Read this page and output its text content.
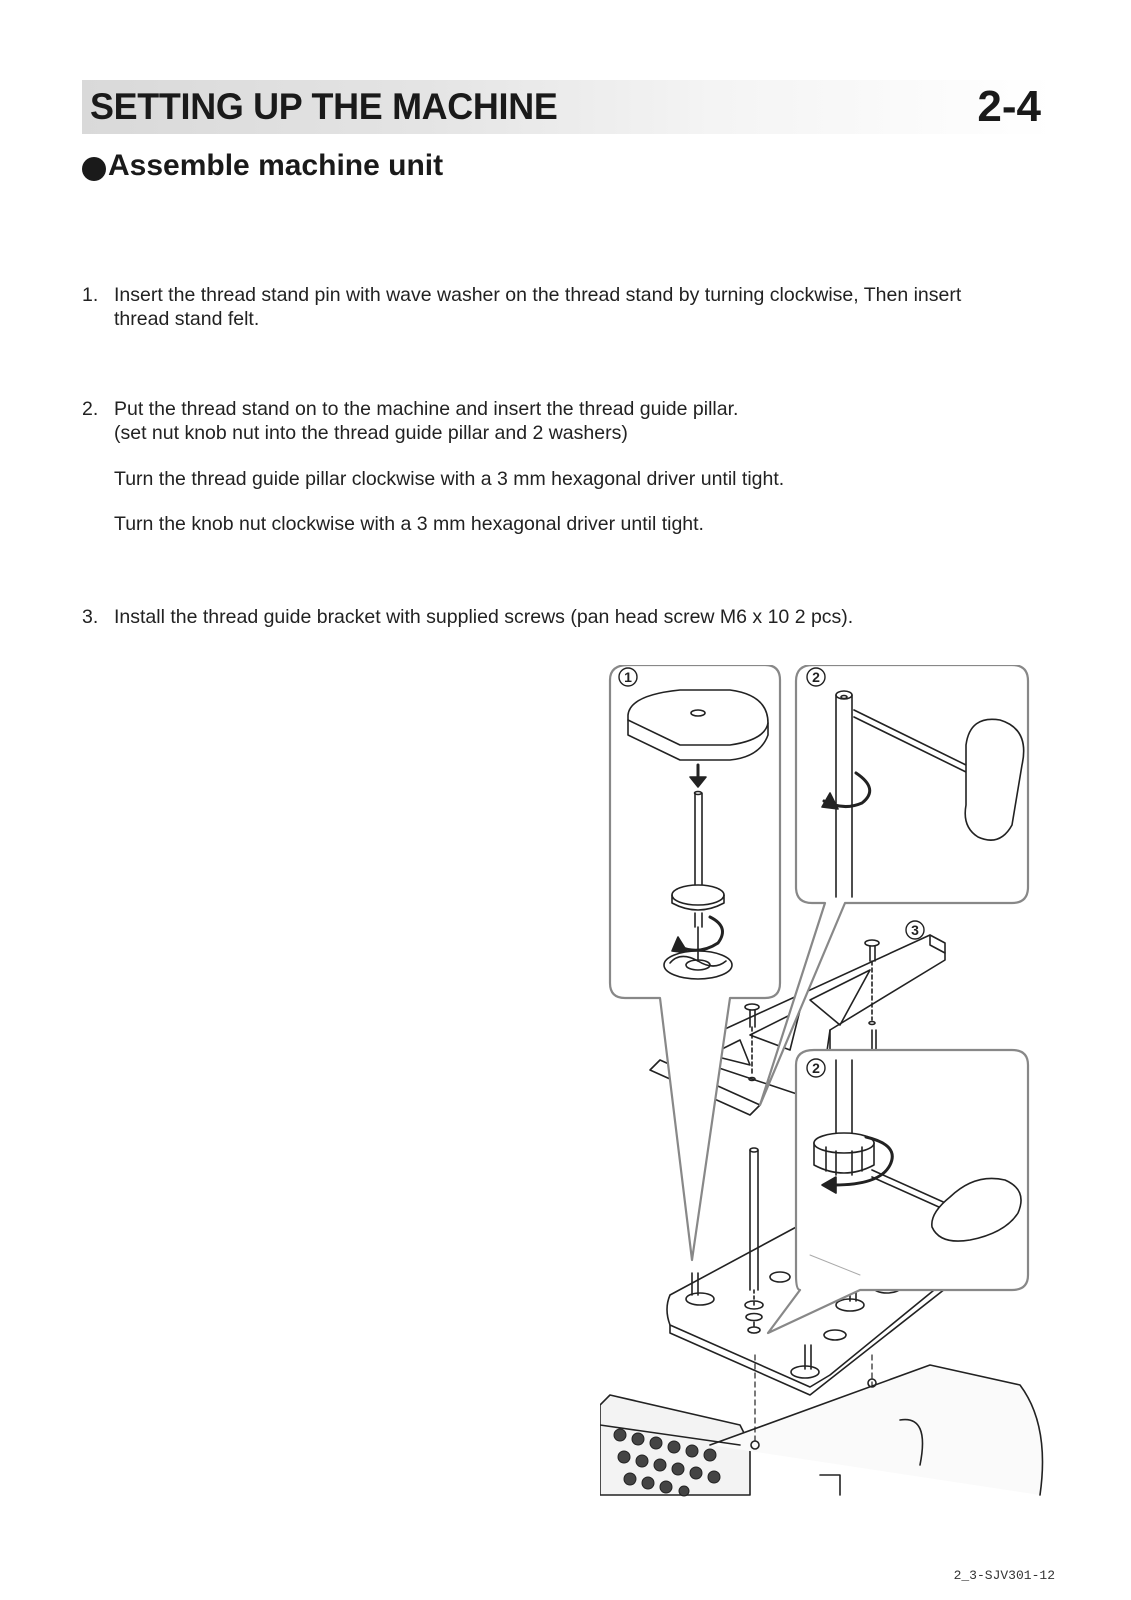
SETTING UP THE MACHINE	2-4
Assemble machine unit
1. Insert the thread stand pin with wave washer on the thread stand by turning clockwise, Then insert
thread stand felt.
2. Put the thread stand on to the machine and insert the thread guide pillar.
(set nut knob nut into the thread guide pillar and 2 washers)
Turn the thread guide pillar clockwise with a 3 mm hexagonal driver until tight.
Turn the knob nut clockwise with a 3 mm hexagonal driver until tight.
3. Install the thread guide bracket with supplied screws (pan head screw M6 x 10 2 pcs).
1	2
3
2
2_3-SJV301-12
